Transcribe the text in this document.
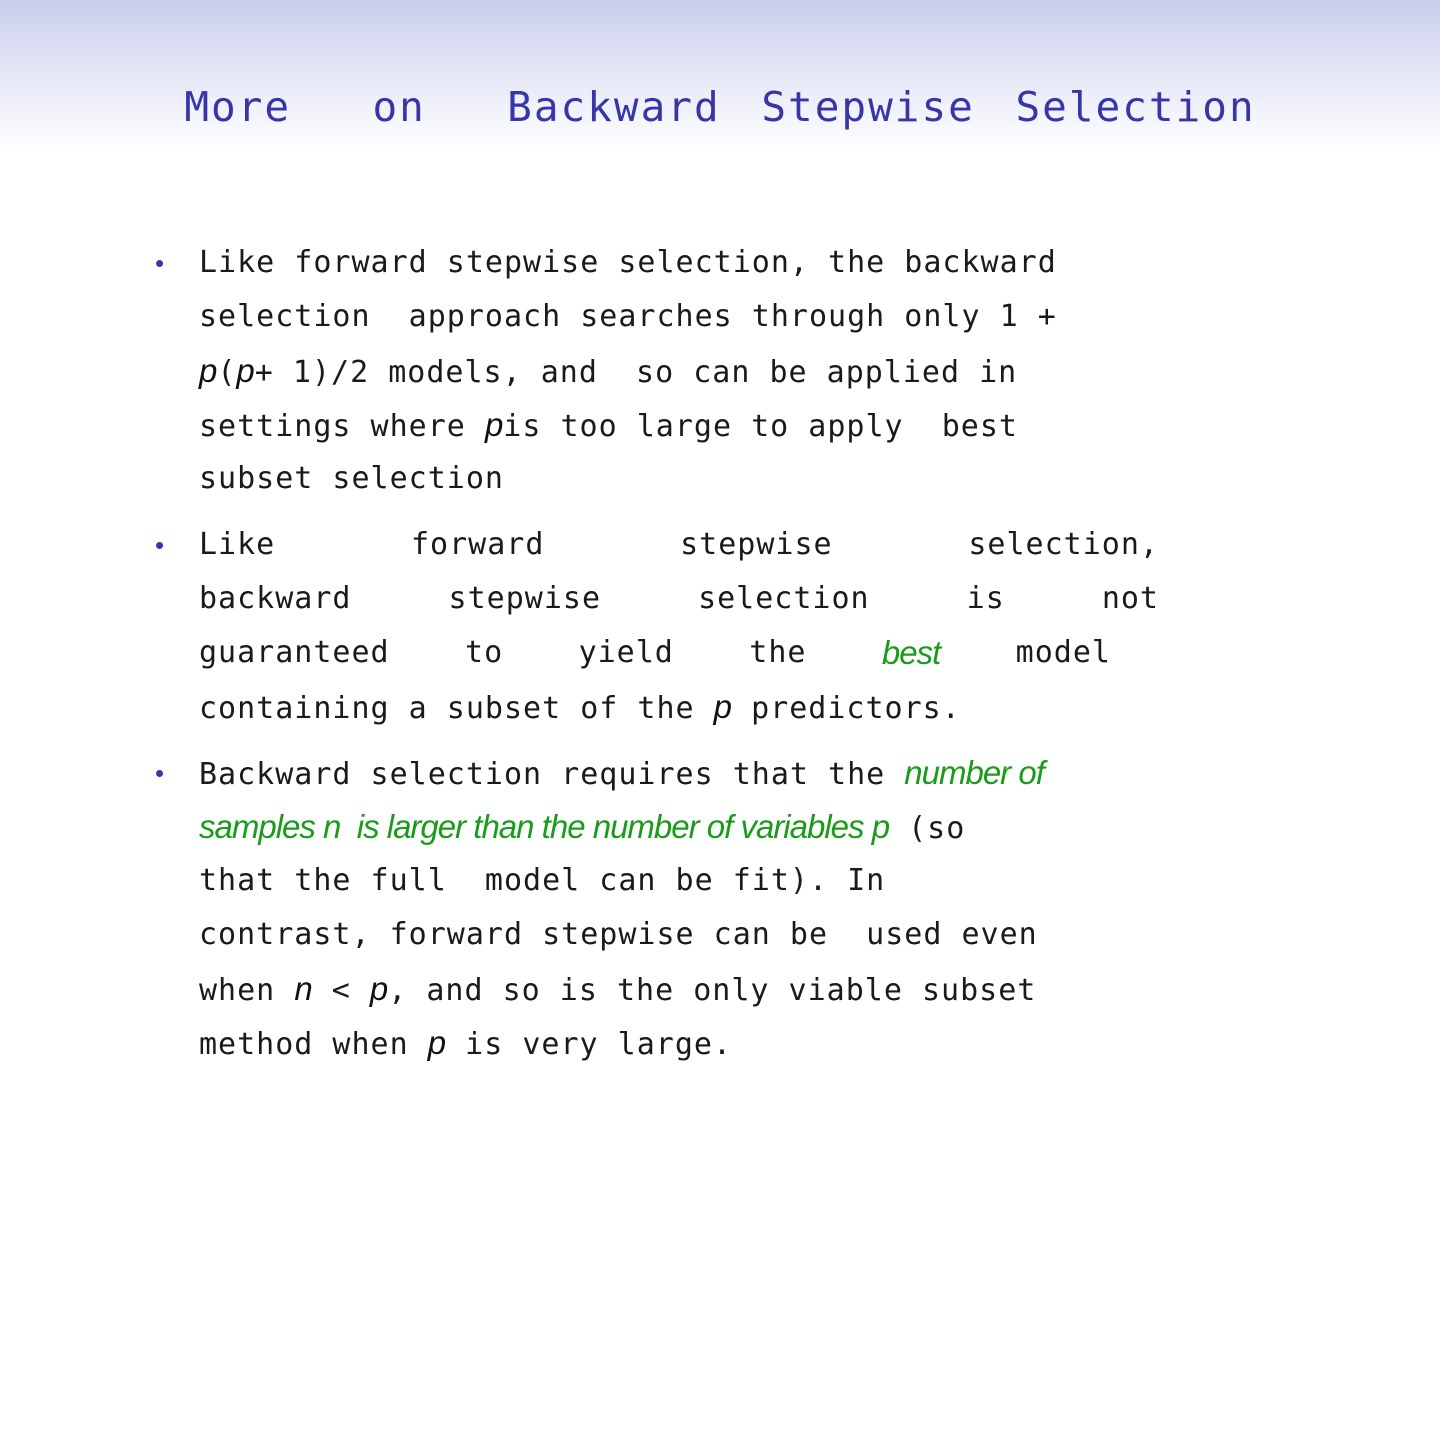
More  on  Backward Stepwise Selection
• Like forward stepwise selection, the backward
selection  approach searches through only 1 +
p(p+ 1)∕2 models, and  so can be applied in
settings where pis too large to apply  best
subset selection
• Like	forward	stepwise	selection,
backward	stepwise	selection	is	not
guaranteed	to	yield	the best	model
containing a subset of the p predictors.
• Backward selection requires that the number of
samples n  is larger than the number of variables p (so
that the full  model can be fit). In
contrast, forward stepwise can be  used even
when n < p, and so is the only viable subset
method when p is very large.
